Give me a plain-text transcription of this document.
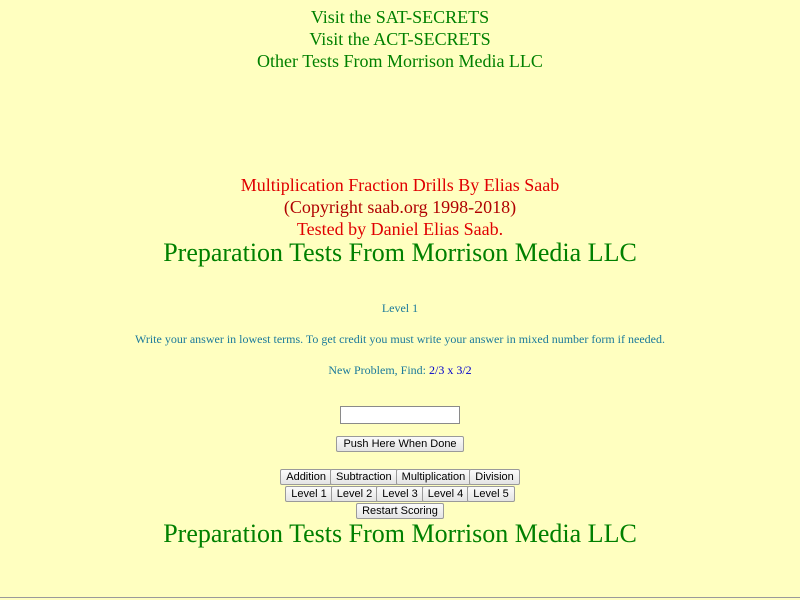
Visit the SAT-SECRETS
Visit the ACT-SECRETS
Other Tests From Morrison Media LLC
Multiplication Fraction Drills By Elias Saab
(Copyright saab.org 1998-2018)
Tested by Daniel Elias Saab.
Preparation Tests From Morrison Media LLC
Level 1
Write your answer in lowest terms. To get credit you must write your answer in mixed number form if needed.
New Problem, Find: 2/3 x 3/2
Push Here When Done
Addition Subtraction Multiplication Division
Level 1 Level 2 Level 3 Level 4 Level 5
Restart Scoring
Preparation Tests From Morrison Media LLC
